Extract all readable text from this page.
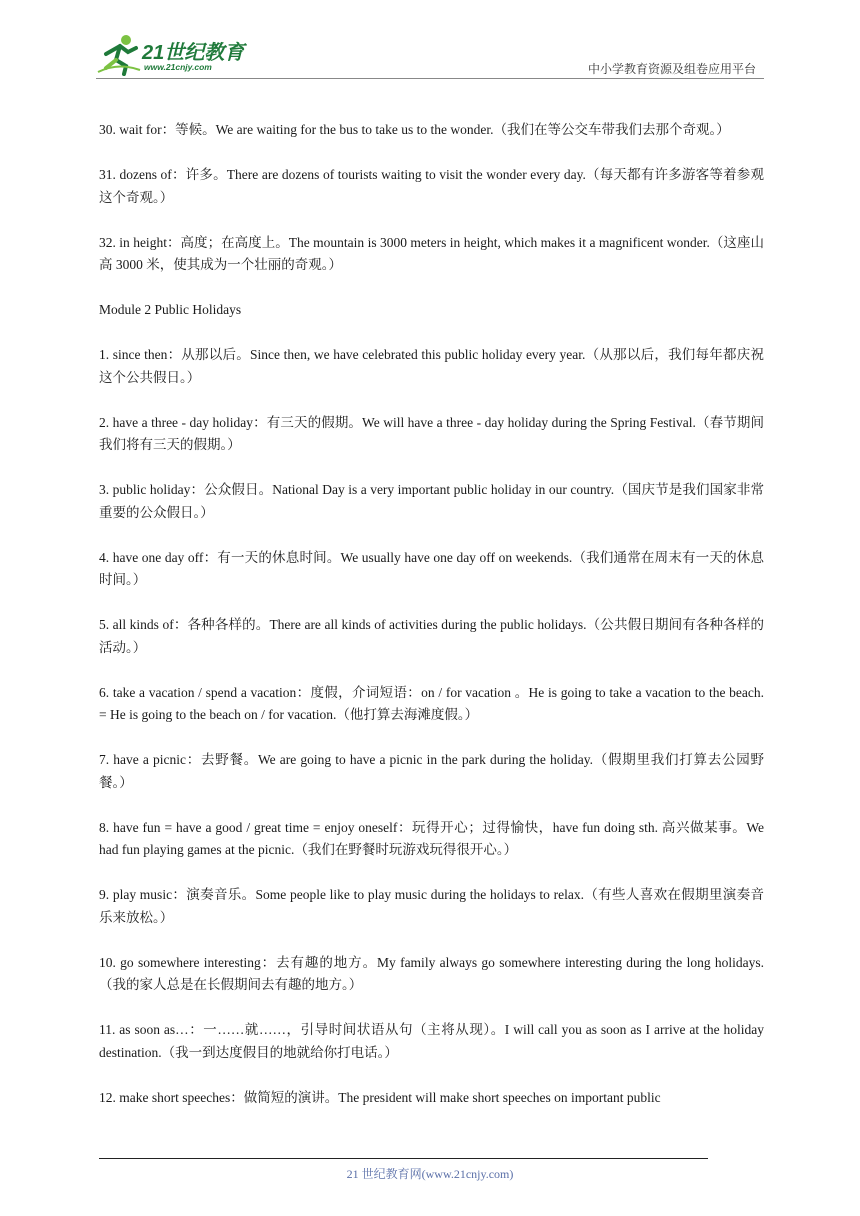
21世纪教育
www.21cnjy.com	中小学教育资源及组卷应用平台

30. wait for：等候。We are waiting for the bus to take us to the wonder.（我们在等公交车带我们去那个奇观。）

31. dozens of：许多。There are dozens of tourists waiting to visit the wonder every day.（每天都有许多游客等着参观这个奇观。）

32. in height：高度；在高度上。The mountain is 3000 meters in height, which makes it a magnificent wonder.（这座山高 3000 米，使其成为一个壮丽的奇观。）

Module 2 Public Holidays

1. since then：从那以后。Since then, we have celebrated this public holiday every year.（从那以后，我们每年都庆祝这个公共假日。）

2. have a three - day holiday：有三天的假期。We will have a three - day holiday during the Spring Festival.（春节期间我们将有三天的假期。）

3. public holiday：公众假日。National Day is a very important public holiday in our country.（国庆节是我们国家非常重要的公众假日。）

4. have one day off：有一天的休息时间。We usually have one day off on weekends.（我们通常在周末有一天的休息时间。）

5. all kinds of：各种各样的。There are all kinds of activities during the public holidays.（公共假日期间有各种各样的活动。）

6. take a vacation / spend a vacation：度假，介词短语：on / for vacation 。He is going to take a vacation to the beach. = He is going to the beach on / for vacation.（他打算去海滩度假。）

7. have a picnic：去野餐。We are going to have a picnic in the park during the holiday.（假期里我们打算去公园野餐。）

8. have fun = have a good / great time = enjoy oneself：玩得开心；过得愉快，have fun doing sth. 高兴做某事。We had fun playing games at the picnic.（我们在野餐时玩游戏玩得很开心。）

9. play music：演奏音乐。Some people like to play music during the holidays to relax.（有些人喜欢在假期里演奏音乐来放松。）

10. go somewhere interesting：去有趣的地方。My family always go somewhere interesting during the long holidays.（我的家人总是在长假期间去有趣的地方。）

11. as soon as…：一……就……，引导时间状语从句（主将从现）。I will call you as soon as I arrive at the holiday destination.（我一到达度假目的地就给你打电话。）

12. make short speeches：做简短的演讲。The president will make short speeches on important public

21 世纪教育网(www.21cnjy.com)
